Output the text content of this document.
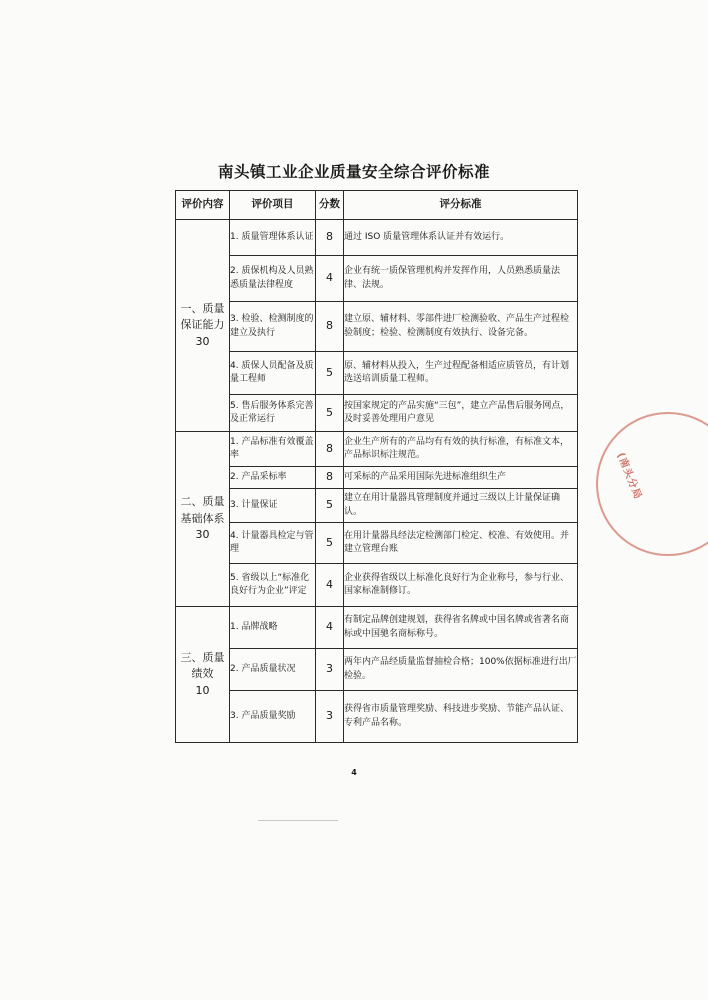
南头镇工业企业质量安全综合评价标准
评价内容	评价项目	分数	评分标准

一、质量
保证能力
30	1. 质量管理体系认证	8	通过 ISO 质量管理体系认证并有效运行。
	2. 质保机构及人员熟悉质量法律程度	4	企业有统一质保管理机构并发挥作用，人员熟悉质量法律、法规。
	3. 检验、检测制度的建立及执行	8	建立原、辅材料、零部件进厂检测验收、产品生产过程检验制度；检验、检测制度有效执行、设备完备。
	4. 质保人员配备及质量工程师	5	原、辅材料从投入，生产过程配备相适应质管员，有计划选送培训质量工程师。
	5. 售后服务体系完善及正常运行	5	按国家规定的产品实施“三包”，建立产品售后服务网点，及时妥善处理用户意见

二、质量
基础体系
30	1. 产品标准有效覆盖率	8	企业生产所有的产品均有有效的执行标准，有标准文本，产品标识标注规范。
	2. 产品采标率	8	可采标的产品采用国际先进标准组织生产
	3. 计量保证	5	建立在用计量器具管理制度并通过三级以上计量保证确认。
	4. 计量器具检定与管理	5	在用计量器具经法定检测部门检定、校准、有效使用。并建立管理台账
	5. 省级以上“标准化良好行为企业”评定	4	企业获得省级以上标准化良好行为企业称号，参与行业、国家标准制修订。

三、质量
绩效
10	1. 品牌战略	4	有制定品牌创建规划，获得省名牌或中国名牌或省著名商标或中国驰名商标称号。
	2. 产品质量状况	3	两年内产品经质量监督抽检合格；100%依据标准进行出厂检验。
	3. 产品质量奖励	3	获得省市质量管理奖励、科技进步奖励、节能产品认证、专利产品名称。
4
(南头分局
